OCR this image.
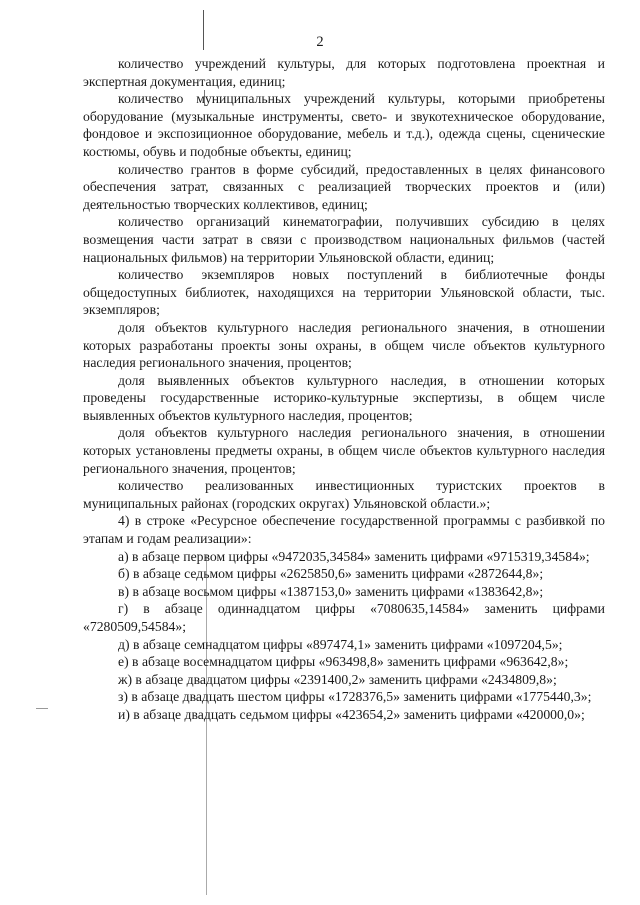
2

количество учреждений культуры, для которых подготовлена проектная и экспертная документация, единиц;

количество муниципальных учреждений культуры, которыми приобретены оборудование (музыкальные инструменты, свето- и звукотехническое оборудование, фондовое и экспозиционное оборудование, мебель и т.д.), одежда сцены, сценические костюмы, обувь и подобные объекты, единиц;

количество грантов в форме субсидий, предоставленных в целях финансового обеспечения затрат, связанных с реализацией творческих проектов и (или) деятельностью творческих коллективов, единиц;

количество организаций кинематографии, получивших субсидию в целях возмещения части затрат в связи с производством национальных фильмов (частей национальных фильмов) на территории Ульяновской области, единиц;

количество экземпляров новых поступлений в библиотечные фонды общедоступных библиотек, находящихся на территории Ульяновской области, тыс. экземпляров;

доля объектов культурного наследия регионального значения, в отношении которых разработаны проекты зоны охраны, в общем числе объектов культурного наследия регионального значения, процентов;

доля выявленных объектов культурного наследия, в отношении которых проведены государственные историко-культурные экспертизы, в общем числе выявленных объектов культурного наследия, процентов;

доля объектов культурного наследия регионального значения, в отношении которых установлены предметы охраны, в общем числе объектов культурного наследия регионального значения, процентов;

количество реализованных инвестиционных туристских проектов в муниципальных районах (городских округах) Ульяновской области.»;

4) в строке «Ресурсное обеспечение государственной программы с разбивкой по этапам и годам реализации»:

а) в абзаце первом цифры «9472035,34584» заменить цифрами «9715319,34584»;

б) в абзаце седьмом цифры «2625850,6» заменить цифрами «2872644,8»;

в) в абзаце восьмом цифры «1387153,0» заменить цифрами «1383642,8»;

г) в абзаце одиннадцатом цифры «7080635,14584» заменить цифрами «7280509,54584»;

д) в абзаце семнадцатом цифры «897474,1» заменить цифрами «1097204,5»;

е) в абзаце восемнадцатом цифры «963498,8» заменить цифрами «963642,8»;

ж) в абзаце двадцатом цифры «2391400,2» заменить цифрами «2434809,8»;

з) в абзаце двадцать шестом цифры «1728376,5» заменить цифрами «1775440,3»;

и) в абзаце двадцать седьмом цифры «423654,2» заменить цифрами «420000,0»;
